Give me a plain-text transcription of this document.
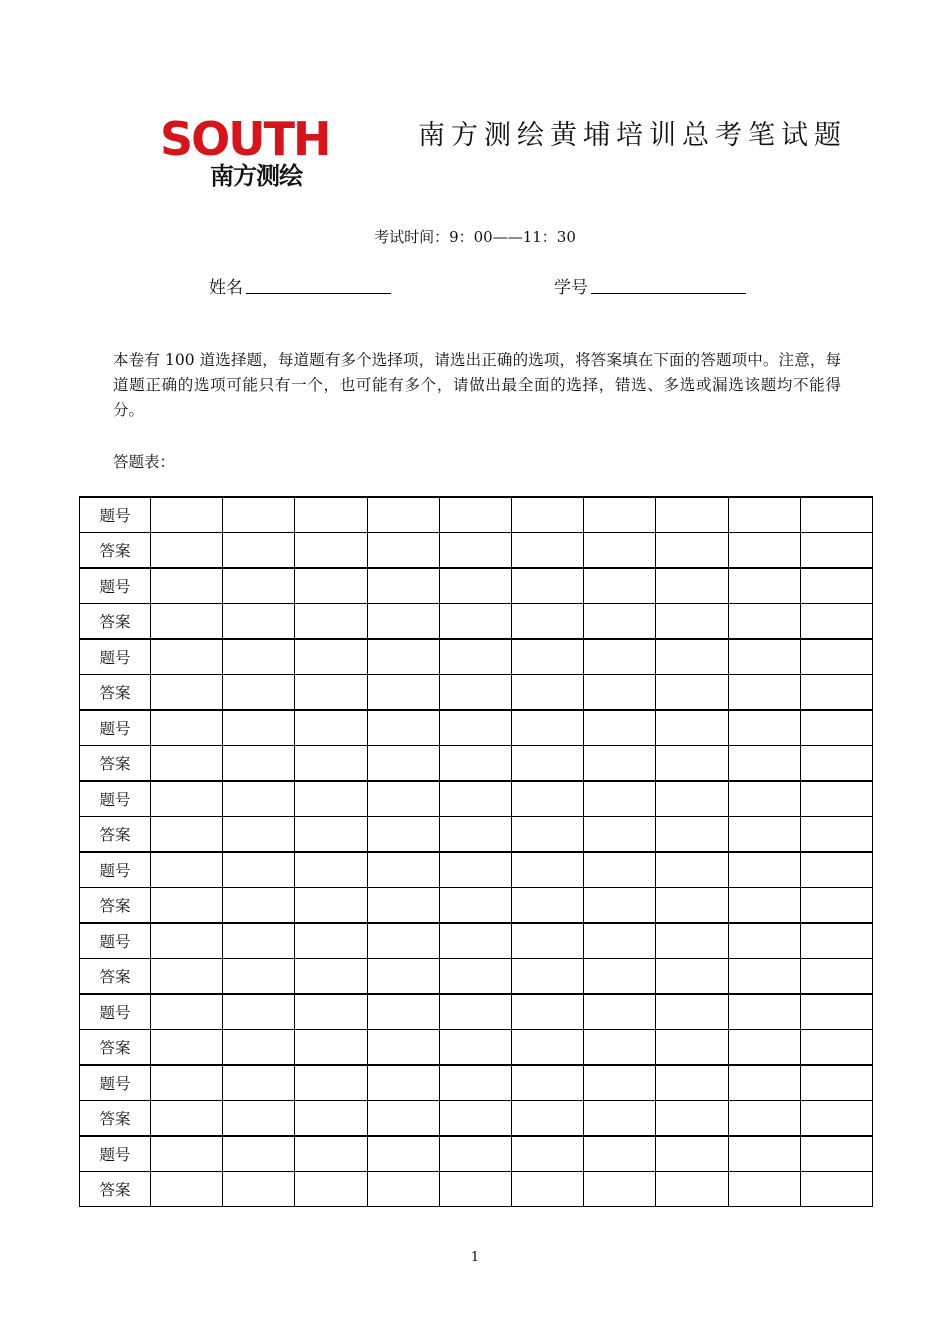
SOUTH
南方测绘
南方测绘黄埔培训总考笔试题
考试时间：9：00——11：30
姓名	学号
本卷有 100 道选择题，每道题有多个选择项，请选出正确的选项，将答案填在下面的答题项中。注意，每道题正确的选项可能只有一个，也可能有多个，请做出最全面的选择，错选、多选或漏选该题均不能得分。
答题表：
题号										
答案										
题号										
答案										
题号										
答案										
题号										
答案										
题号										
答案										
题号										
答案										
题号										
答案										
题号										
答案										
题号										
答案										
题号										
答案										
1
